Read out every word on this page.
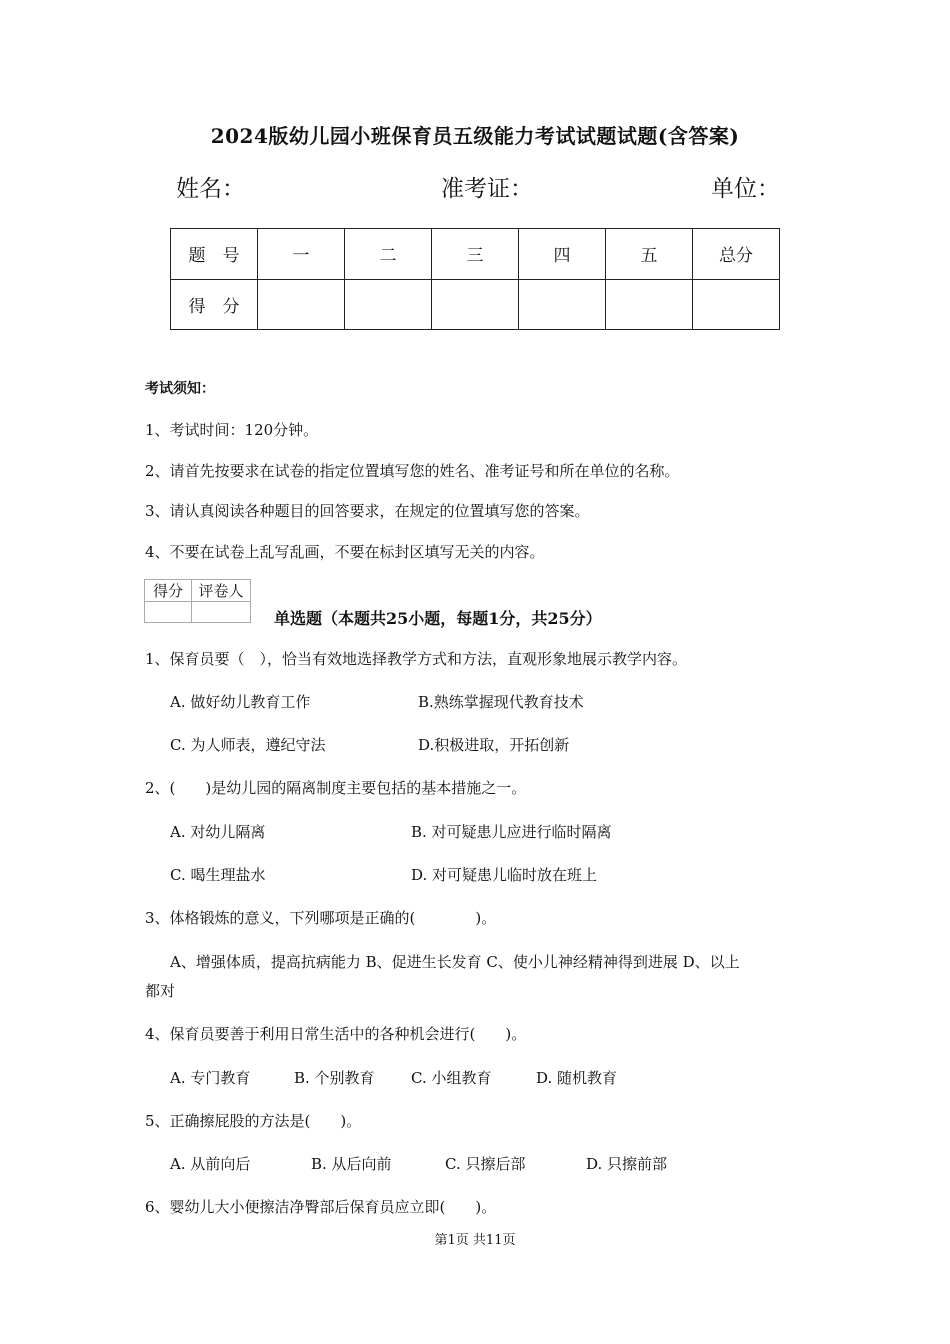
2024版幼儿园小班保育员五级能力考试试题试题(含答案)
姓名：	准考证：	单位：
题　号	一	二	三	四	五	总分
得　分						
考试须知：
1、考试时间：120分钟。
2、请首先按要求在试卷的指定位置填写您的姓名、准考证号和所在单位的名称。
3、请认真阅读各种题目的回答要求，在规定的位置填写您的答案。
4、不要在试卷上乱写乱画，不要在标封区填写无关的内容。
得分	评卷人

单选题（本题共25小题，每题1分，共25分）
1、保育员要（　），恰当有效地选择教学方式和方法，直观形象地展示教学内容。
A. 做好幼儿教育工作	B.熟练掌握现代教育技术
C. 为人师表，遵纪守法	D.积极进取，开拓创新
2、(　　)是幼儿园的隔离制度主要包括的基本措施之一。
A. 对幼儿隔离	B. 对可疑患儿应进行临时隔离
C. 喝生理盐水	D. 对可疑患儿临时放在班上
3、体格锻炼的意义，下列哪项是正确的(　　　　)。
A、增强体质，提高抗病能力 B、促进生长发育 C、使小儿神经精神得到进展 D、以上
都对
4、保育员要善于利用日常生活中的各种机会进行(　　)。
A. 专门教育	B. 个别教育 C. 小组教育	D. 随机教育
5、正确擦屁股的方法是(　　)。
A. 从前向后	B. 从后向前	C. 只擦后部	D. 只擦前部
6、婴幼儿大小便擦洁净臀部后保育员应立即(　　)。
第1页 共11页
